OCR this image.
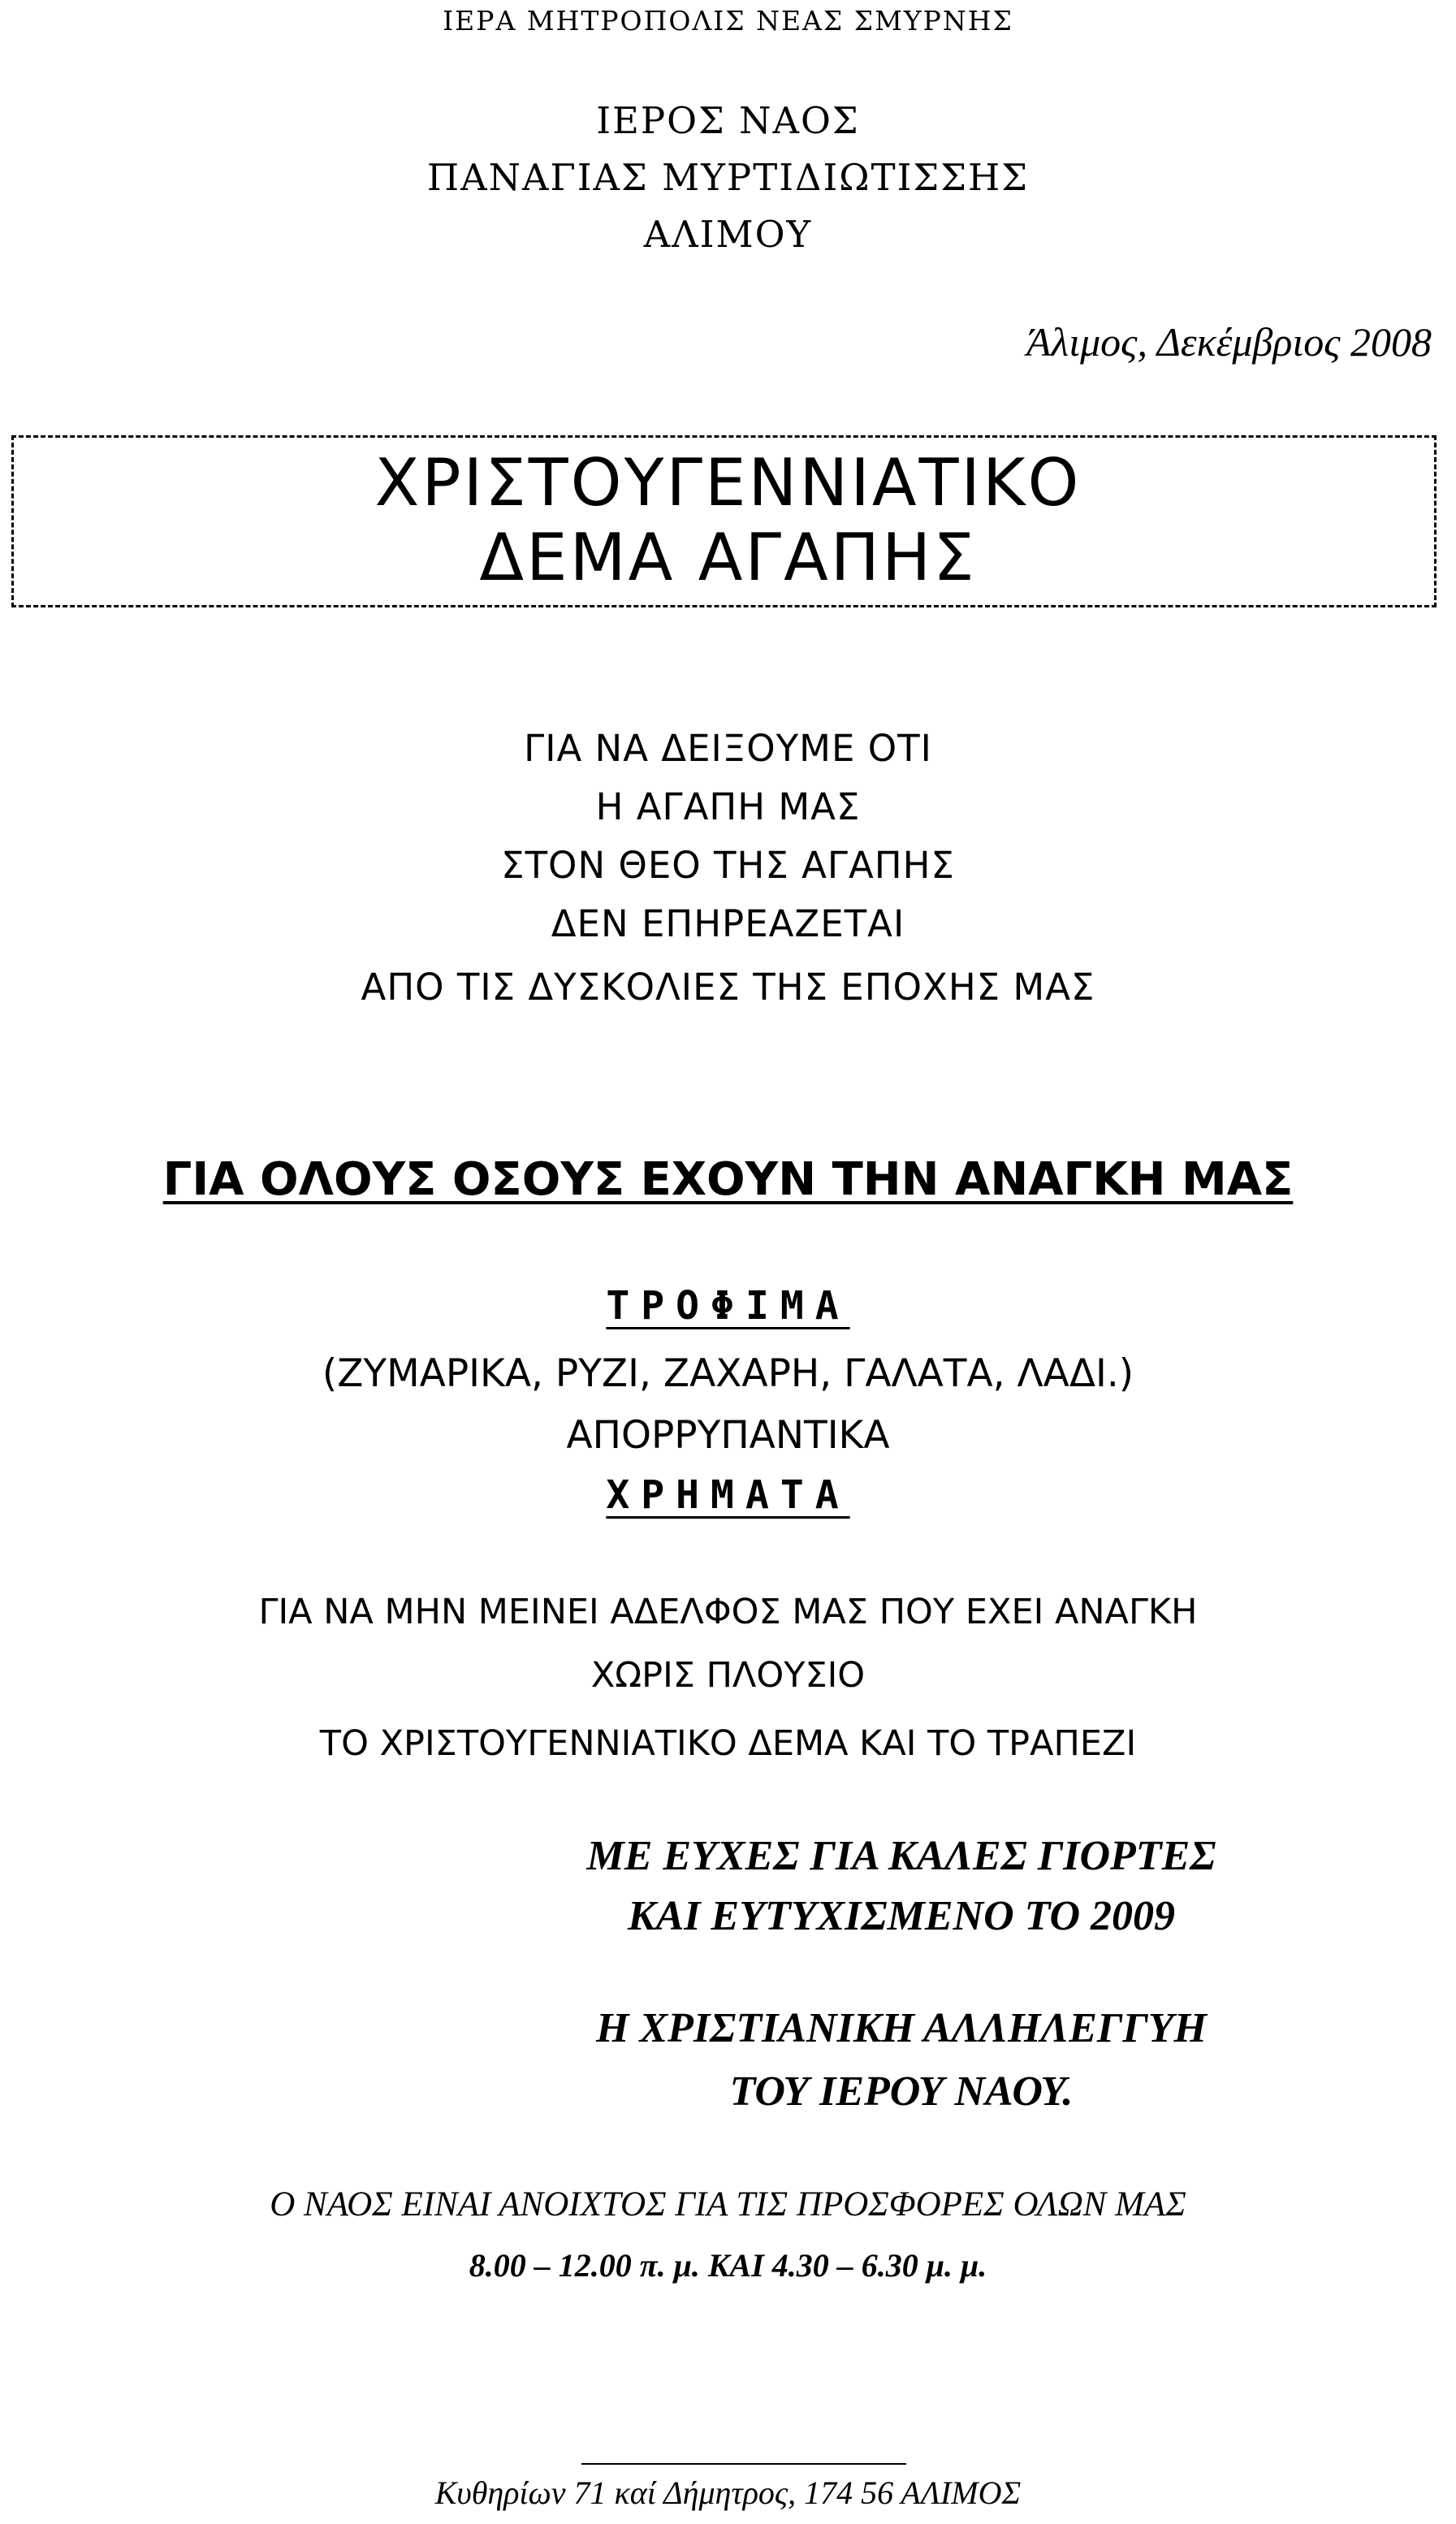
ΙΕΡΑ ΜΗΤΡΟΠΟΛΙΣ ΝΕΑΣ ΣΜΥΡΝΗΣ
ΙΕΡΟΣ ΝΑΟΣ
ΠΑΝΑΓΙΑΣ ΜΥΡΤΙΔΙΩΤΙΣΣΗΣ
ΑΛΙΜΟΥ
Άλιμος, Δεκέμβριος 2008
ΧΡΙΣΤΟΥΓΕΝΝΙΑΤΙΚΟ
ΔΕΜΑ ΑΓΑΠΗΣ
ΓΙΑ ΝΑ ΔΕΙΞΟΥΜΕ ΟΤΙ
Η ΑΓΑΠΗ ΜΑΣ
ΣΤΟΝ ΘΕΟ ΤΗΣ ΑΓΑΠΗΣ
ΔΕΝ ΕΠΗΡΕΑΖΕΤΑΙ
ΑΠΟ ΤΙΣ ΔΥΣΚΟΛΙΕΣ ΤΗΣ ΕΠΟΧΗΣ ΜΑΣ
ΓΙΑ ΟΛΟΥΣ ΟΣΟΥΣ ΕΧΟΥΝ ΤΗΝ ΑΝΑΓΚΗ ΜΑΣ
ΤΡΟΦΙΜΑ
(ΖΥΜΑΡΙΚΑ, ΡΥΖΙ, ΖΑΧΑΡΗ, ΓΑΛΑΤΑ, ΛΑΔΙ.)
ΑΠΟΡΡΥΠΑΝΤΙΚΑ
ΧΡΗΜΑΤΑ
ΓΙΑ ΝΑ ΜΗΝ ΜΕΙΝΕΙ ΑΔΕΛΦΟΣ ΜΑΣ ΠΟΥ ΕΧΕΙ ΑΝΑΓΚΗ
ΧΩΡΙΣ ΠΛΟΥΣΙΟ
ΤΟ ΧΡΙΣΤΟΥΓΕΝΝΙΑΤΙΚΟ ΔΕΜΑ ΚΑΙ ΤΟ ΤΡΑΠΕΖΙ
ΜΕ ΕΥΧΕΣ ΓΙΑ ΚΑΛΕΣ ΓΙΟΡΤΕΣ
ΚΑΙ ΕΥΤΥΧΙΣΜΕΝΟ ΤΟ 2009
Η ΧΡΙΣΤΙΑΝΙΚΗ ΑΛΛΗΛΕΓΓΥΗ
ΤΟΥ ΙΕΡΟΥ ΝΑΟΥ.
Ο ΝΑΟΣ ΕΙΝΑΙ ΑΝΟΙΧΤΟΣ ΓΙΑ ΤΙΣ ΠΡΟΣΦΟΡΕΣ ΟΛΩΝ ΜΑΣ
8.00 – 12.00 π. μ. ΚΑΙ 4.30 – 6.30 μ. μ.
Κυθηρίων 71 καί Δήμητρος, 174 56 ΑΛΙΜΟΣ
